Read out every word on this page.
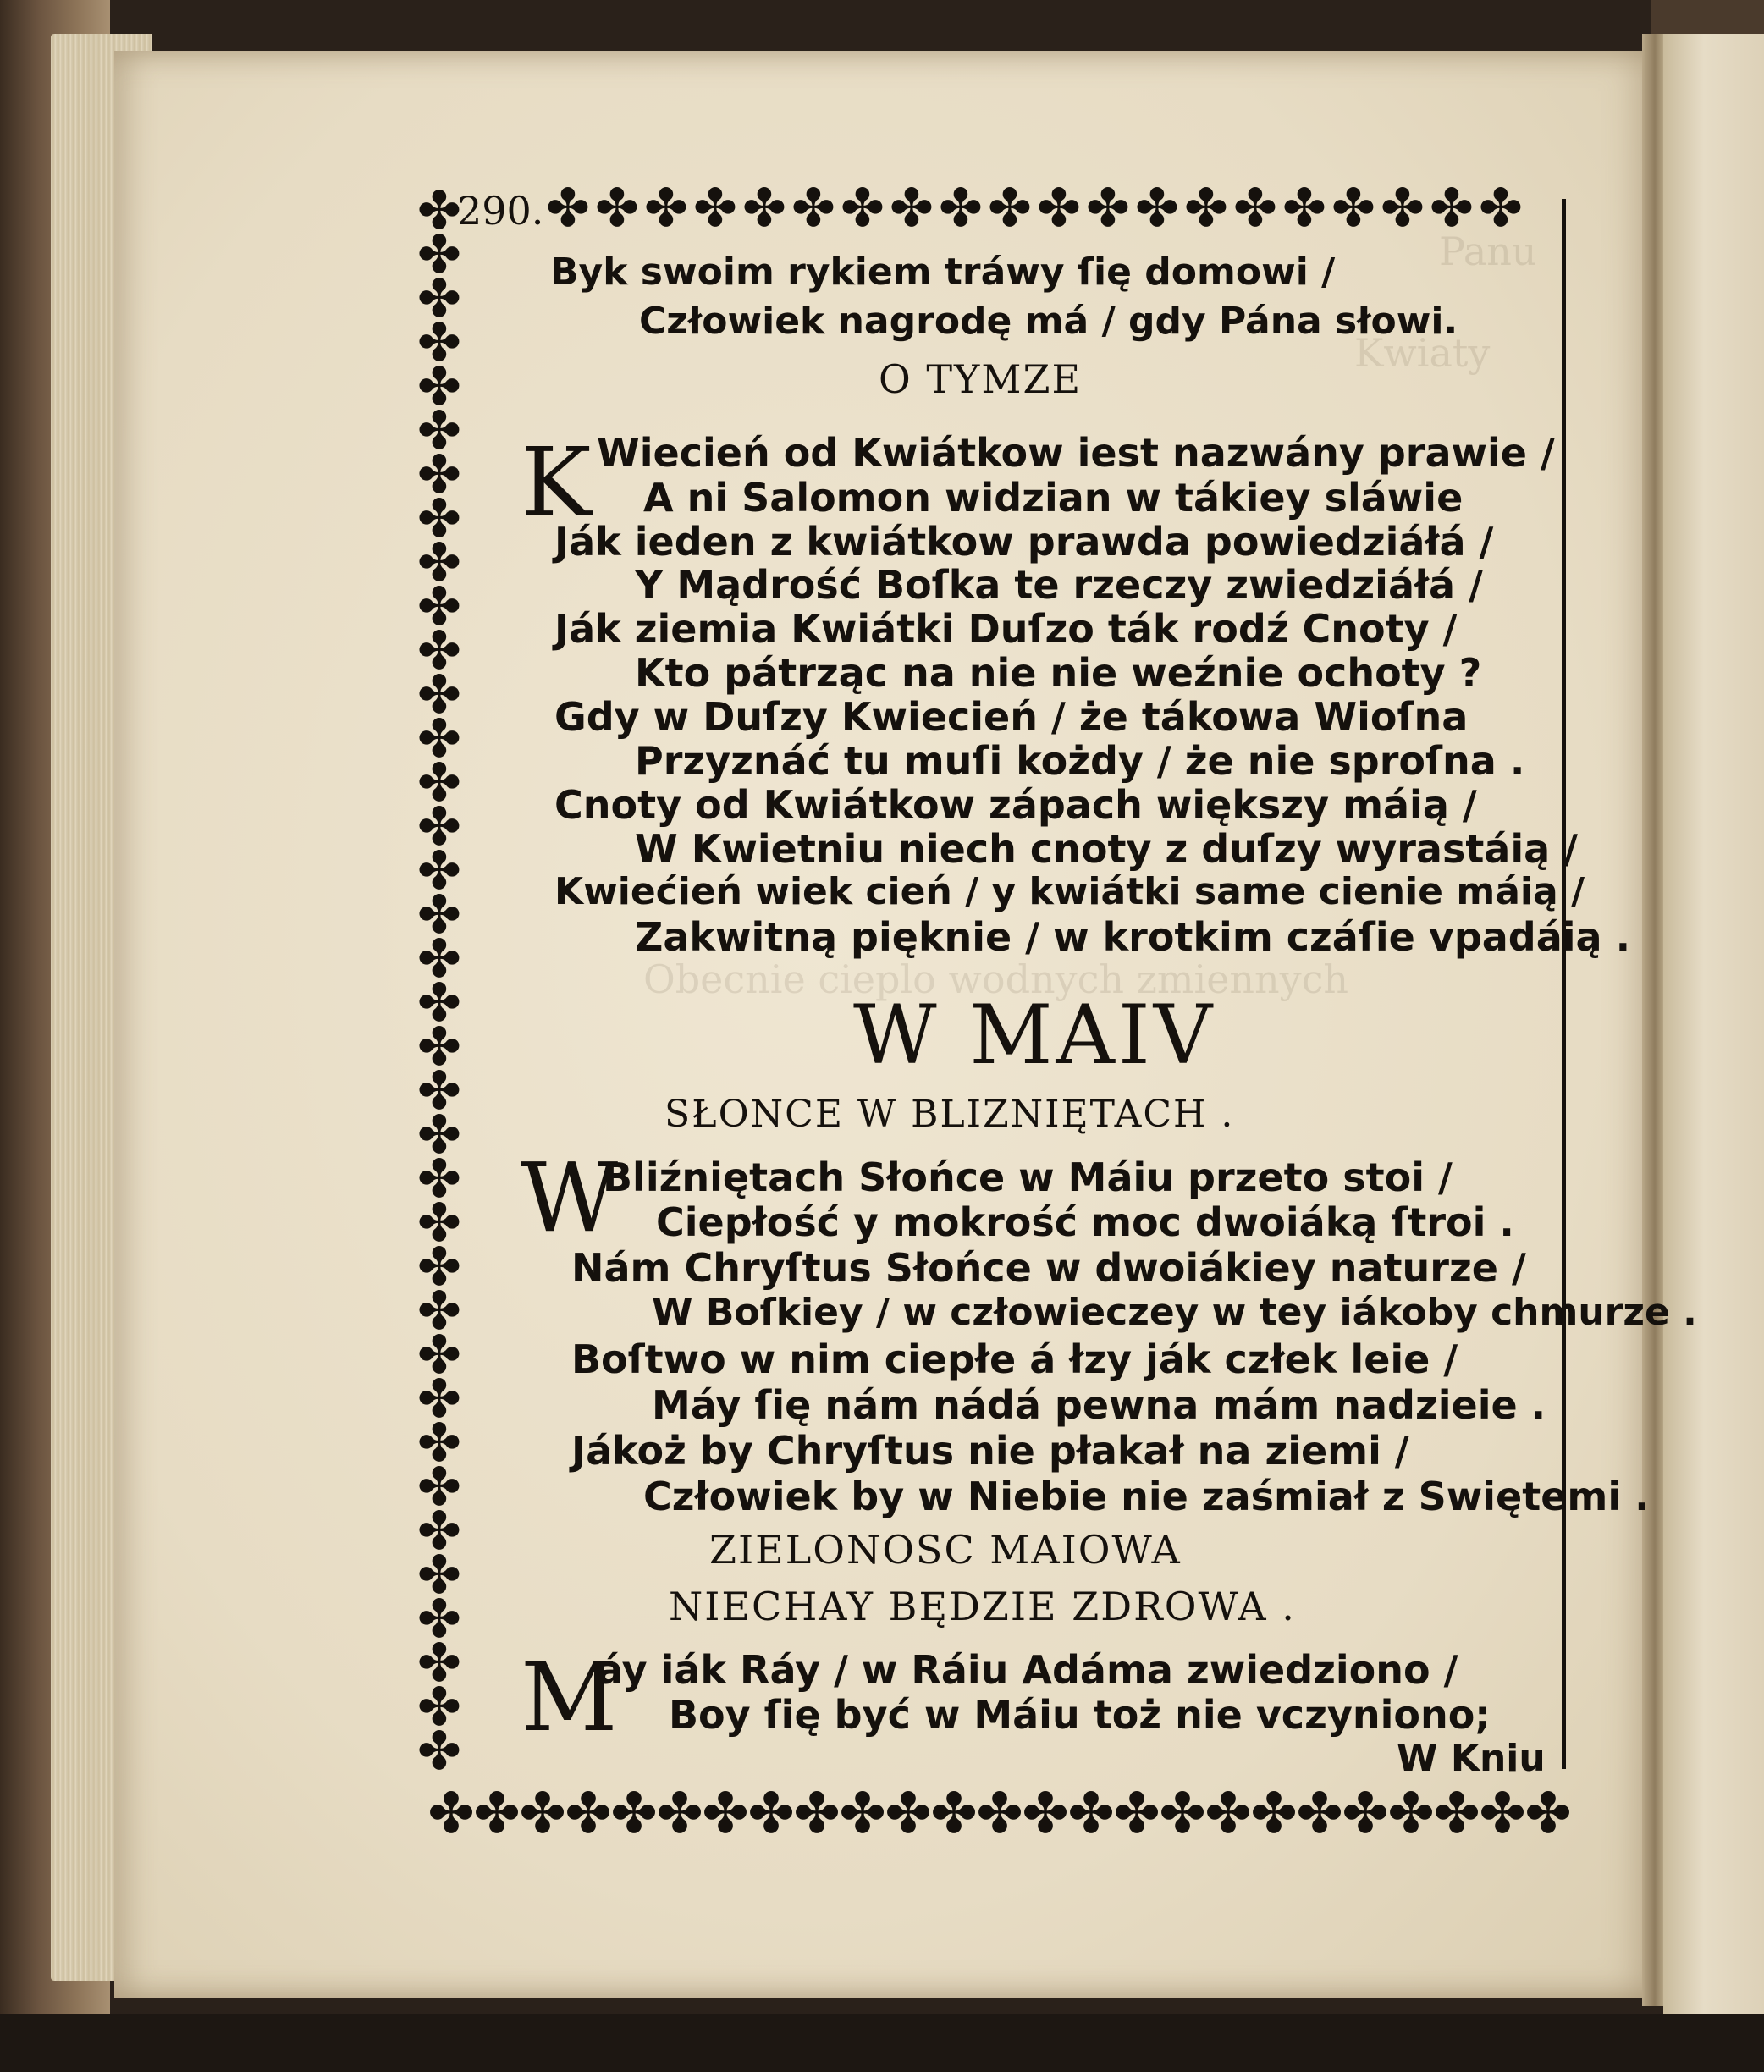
Panu
Kwiaty
Obecnie cieplo wodnych zmiennych
✤
✤
✤
✤
✤
✤
✤
✤
✤
✤
✤
✤
✤
✤
✤
✤
✤
✤
✤
✤
✤
✤
✤
✤
✤
✤
✤
✤
✤
✤
✤
✤
✤
✤
✤
✤
✤ ✤ ✤ ✤ ✤ ✤ ✤ ✤ ✤ ✤ ✤ ✤ ✤ ✤ ✤ ✤ ✤ ✤ ✤ ✤
✤
✤
✤
✤
✤
✤
✤
✤
✤
✤
✤
✤
✤
✤
✤
✤
✤
✤
✤
✤
✤
✤
✤
✤
✤
290.
Byk swoim rykiem tráwy ſię domowi /
Człowiek nagrodę má / gdy Pána słowi.
O TYMZE
K Wiecień od Kwiátkow iest nazwány prawie /
A ni Salomon widzian w tákiey sláwie
Ják ieden z kwiátkow prawda powiedziáłá /
Y Mądrość Boſka te rzeczy zwiedziáłá /
Ják ziemia Kwiátki Duſzo ták rodź Cnoty /
Kto pátrząc na nie nie weźnie ochoty ?
Gdy w Duſzy Kwiecień / że tákowa Wioſna
Przyznáć tu muſi kożdy / że nie sproſna .
Cnoty od Kwiátkow zápach większy máią /
W Kwietniu niech cnoty z duſzy wyrastáią /
Kwiećień wiek cień / y kwiátki same cienie máią /
Zakwitną pięknie / w krotkim czáſie vpadáią .
W MAIV
SŁONCE W BLIZNIĘTACH .
W
Bliźniętach Słońce w Máiu przeto stoi /
Ciepłość y mokrość moc dwoiáką ſtroi .
Nám Chryſtus Słońce w dwoiákiey naturze /
W Boſkiey / w człowieczey w tey iákoby chmurze .
Boſtwo w nim ciepłe á łzy ják człek leie /
Máy ſię nám nádá pewna mám nadzieie .
Jákoż by Chryſtus nie płakał na ziemi /
Człowiek by w Niebie nie zaśmiał z Swiętemi .
ZIELONOSC MAIOWA
NIECHAY BĘDZIE ZDROWA .
M
áy iák Ráy / w Ráiu Adáma zwiedziono /
Boy ſię być w Máiu toż nie vczyniono;
W Kniu
